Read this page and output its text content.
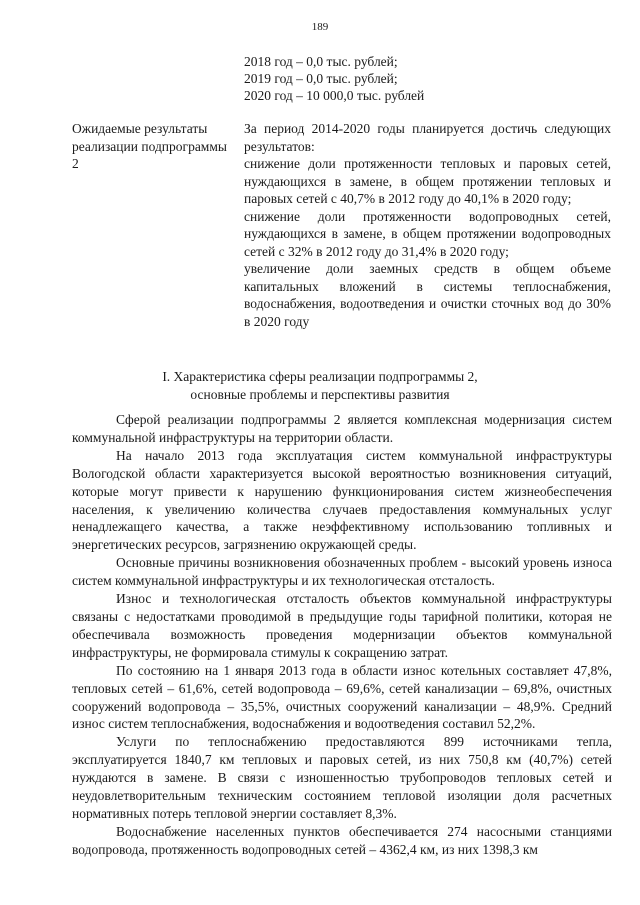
189
2018 год – 0,0 тыс. рублей;
2019 год – 0,0 тыс. рублей;
2020 год – 10 000,0 тыс. рублей
Ожидаемые результаты реализации подпрограммы 2
За период 2014-2020 годы планируется достичь следующих результатов:
снижение доли протяженности тепловых и паровых сетей, нуждающихся в замене, в общем протяжении тепловых и паровых сетей с 40,7% в 2012 году до 40,1% в 2020 году;
снижение доли протяженности водопроводных сетей, нуждающихся в замене, в общем протяжении водопроводных сетей с 32% в 2012 году до 31,4% в 2020 году;
увеличение доли заемных средств в общем объеме капитальных вложений в системы теплоснабжения, водоснабжения, водоотведения и очистки сточных вод до 30% в 2020 году
I. Характеристика сферы реализации подпрограммы 2,
основные проблемы и перспективы развития

Сферой реализации подпрограммы 2 является комплексная модернизация систем коммунальной инфраструктуры на территории области.

На начало 2013 года эксплуатация систем коммунальной инфраструктуры Вологодской области характеризуется высокой вероятностью возникновения ситуаций, которые могут привести к нарушению функционирования систем жизнеобеспечения населения, к увеличению количества случаев предоставления коммунальных услуг ненадлежащего качества, а также неэффективному использованию топливных и энергетических ресурсов, загрязнению окружающей среды.

Основные причины возникновения обозначенных проблем - высокий уровень износа систем коммунальной инфраструктуры и их технологическая отсталость.

Износ и технологическая отсталость объектов коммунальной инфраструктуры связаны с недостатками проводимой в предыдущие годы тарифной политики, которая не обеспечивала возможность проведения модернизации объектов коммунальной инфраструктуры, не формировала стимулы к сокращению затрат.

По состоянию на 1 января 2013 года в области износ котельных составляет 47,8%, тепловых сетей – 61,6%, сетей водопровода – 69,6%, сетей канализации – 69,8%, очистных сооружений водопровода – 35,5%, очистных сооружений канализации – 48,9%. Средний износ систем теплоснабжения, водоснабжения и водоотведения составил 52,2%.

Услуги по теплоснабжению предоставляются 899 источниками тепла, эксплуатируется 1840,7 км тепловых и паровых сетей, из них 750,8 км (40,7%) сетей нуждаются в замене. В связи с изношенностью трубопроводов тепловых сетей и неудовлетворительным техническим состоянием тепловой изоляции доля расчетных нормативных потерь тепловой энергии составляет 8,3%.

Водоснабжение населенных пунктов обеспечивается 274 насосными станциями водопровода, протяженность водопроводных сетей – 4362,4 км, из них 1398,3 км
